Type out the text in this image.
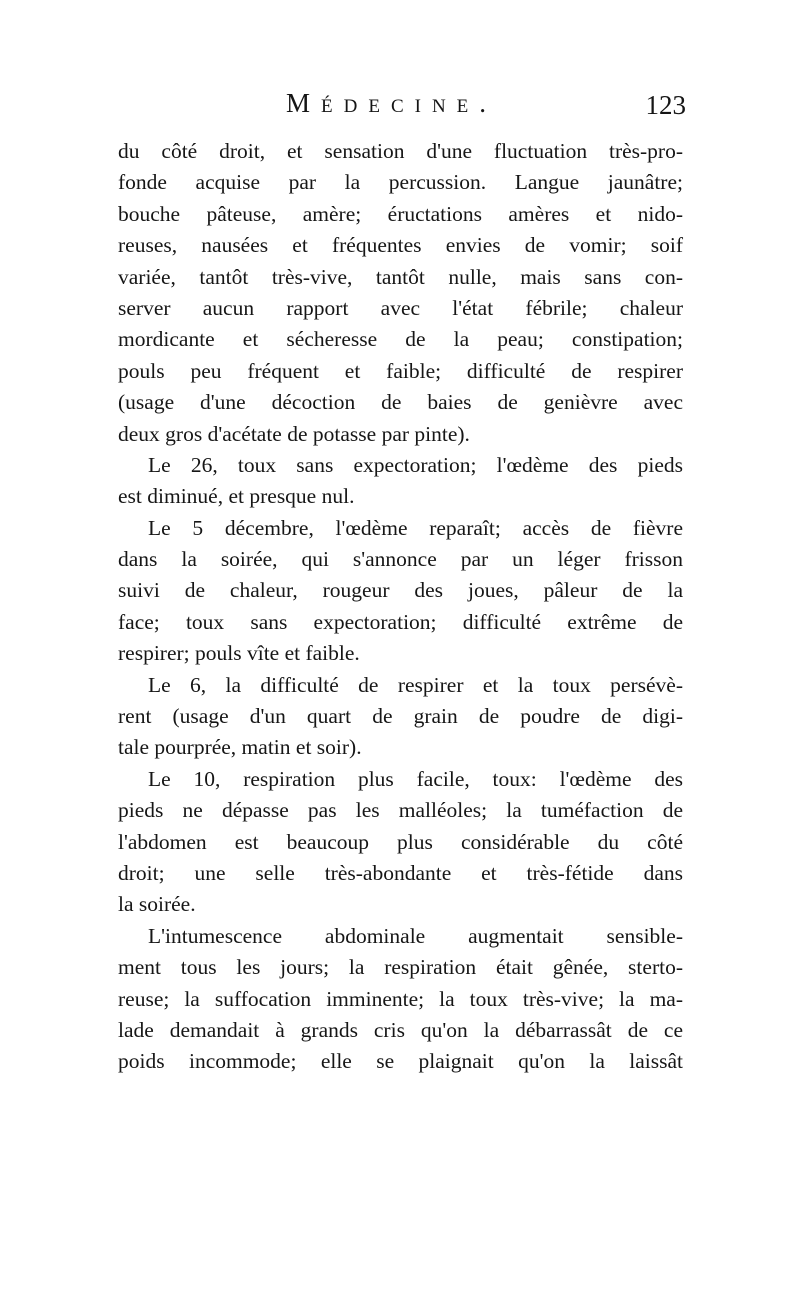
Médecine.	123
du côté droit, et sensation d'une fluctuation très-pro-
fonde acquise par la percussion. Langue jaunâtre;
bouche pâteuse, amère; éructations amères et nido-
reuses, nausées et fréquentes envies de vomir; soif
variée, tantôt très-vive, tantôt nulle, mais sans con-
server aucun rapport avec l'état fébrile; chaleur
mordicante et sécheresse de la peau; constipation;
pouls peu fréquent et faible; difficulté de respirer
(usage d'une décoction de baies de genièvre avec
deux gros d'acétate de potasse par pinte).
Le 26, toux sans expectoration; l'œdème des pieds
est diminué, et presque nul.
Le 5 décembre, l'œdème reparaît; accès de fièvre
dans la soirée, qui s'annonce par un léger frisson
suivi de chaleur, rougeur des joues, pâleur de la
face; toux sans expectoration; difficulté extrême de
respirer; pouls vîte et faible.
Le 6, la difficulté de respirer et la toux persévè-
rent (usage d'un quart de grain de poudre de digi-
tale pourprée, matin et soir).
Le 10, respiration plus facile, toux: l'œdème des
pieds ne dépasse pas les malléoles; la tuméfaction de
l'abdomen est beaucoup plus considérable du côté
droit; une selle très-abondante et très-fétide dans
la soirée.
L'intumescence abdominale augmentait sensible-
ment tous les jours; la respiration était gênée, sterto-
reuse; la suffocation imminente; la toux très-vive; la ma-
lade demandait à grands cris qu'on la débarrassât de ce
poids incommode; elle se plaignait qu'on la laissât
